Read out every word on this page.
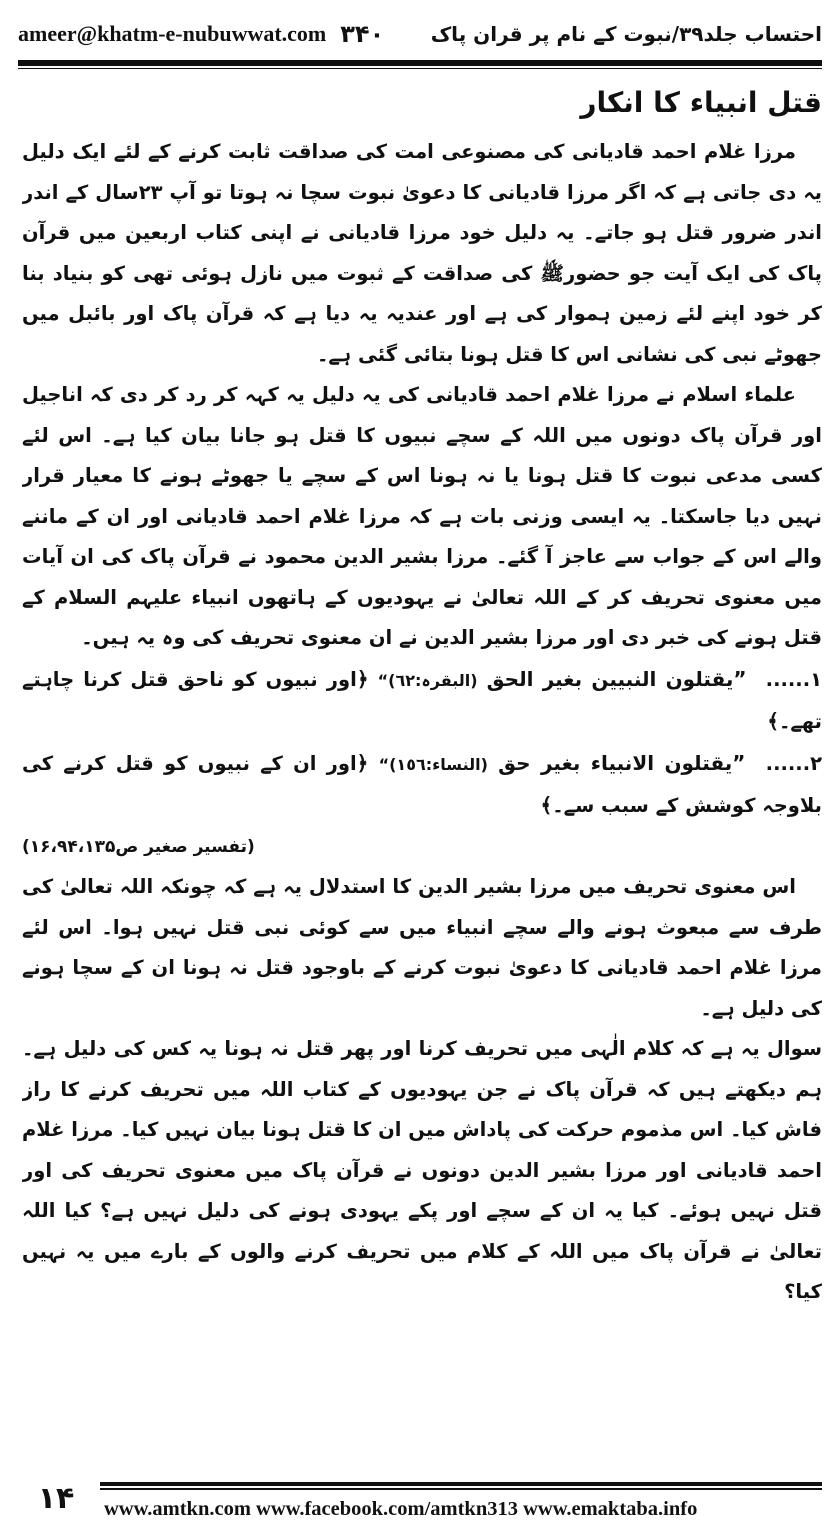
ameer@khatm-e-nubuwwat.com ۳۴۰ احتساب جلد۳۹/نبوت کے نام پر قران پاک
قتل انبیاء کا انکار

مرزا غلام احمد قادیانی کی مصنوعی امت کی صداقت ثابت کرنے کے لئے ایک دلیل یہ دی جاتی ہے کہ اگر مرزا قادیانی کا دعویٰ نبوت سچا نہ ہوتا تو آپ ۲۳سال کے اندر اندر ضرور قتل ہو جاتے۔ یہ دلیل خود مرزا قادیانی نے اپنی کتاب اربعین میں قرآن پاک کی ایک آیت جو حضورﷺ کی صداقت کے ثبوت میں نازل ہوئی تھی کو بنیاد بنا کر خود اپنے لئے زمین ہموار کی ہے اور عندیہ یہ دیا ہے کہ قرآن پاک اور بائبل میں جھوٹے نبی کی نشانی اس کا قتل ہونا بتائی گئی ہے۔

علماء اسلام نے مرزا غلام احمد قادیانی کی یہ دلیل یہ کہہ کر رد کر دی کہ اناجیل اور قرآن پاک دونوں میں اللہ کے سچے نبیوں کا قتل ہو جانا بیان کیا ہے۔ اس لئے کسی مدعی نبوت کا قتل ہونا یا نہ ہونا اس کے سچے یا جھوٹے ہونے کا معیار قرار نہیں دیا جاسکتا۔ یہ ایسی وزنی بات ہے کہ مرزا غلام احمد قادیانی اور ان کے ماننے والے اس کے جواب سے عاجز آ گئے۔ مرزا بشیر الدین محمود نے قرآن پاک کی ان آیات میں معنوی تحریف کر کے اللہ تعالیٰ نے یہودیوں کے ہاتھوں انبیاء علیہم السلام کے قتل ہونے کی خبر دی اور مرزا بشیر الدین نے ان معنوی تحریف کی وہ یہ ہیں۔

۱...... ”یقتلون النبیین بغیر الحق (البقرہ:٦٢)“ ﴿اور نبیوں کو ناحق قتل کرنا چاہتے تھے۔﴾

۲...... ”یقتلون الانبیاء بغیر حق (النساء:١٥٦)“ ﴿اور ان کے نبیوں کو قتل کرنے کی بلاوجہ کوشش کے سبب سے۔﴾

(تفسیر صغیر ص۱۶،۹۴،۱۳۵)

اس معنوی تحریف میں مرزا بشیر الدین کا استدلال یہ ہے کہ چونکہ اللہ تعالیٰ کی طرف سے مبعوث ہونے والے سچے انبیاء میں سے کوئی نبی قتل نہیں ہوا۔ اس لئے مرزا غلام احمد قادیانی کا دعویٰ نبوت کرنے کے باوجود قتل نہ ہونا ان کے سچا ہونے کی دلیل ہے۔

سوال یہ ہے کہ کلام الٰہی میں تحریف کرنا اور پھر قتل نہ ہونا یہ کس کی دلیل ہے۔ ہم دیکھتے ہیں کہ قرآن پاک نے جن یہودیوں کے کتاب اللہ میں تحریف کرنے کا راز فاش کیا۔ اس مذموم حرکت کی پاداش میں ان کا قتل ہونا بیان نہیں کیا۔ مرزا غلام احمد قادیانی اور مرزا بشیر الدین دونوں نے قرآن پاک میں معنوی تحریف کی اور قتل نہیں ہوئے۔ کیا یہ ان کے سچے اور پکے یہودی ہونے کی دلیل نہیں ہے؟ کیا اللہ تعالیٰ نے قرآن پاک میں اللہ کے کلام میں تحریف کرنے والوں کے بارے میں یہ نہیں کیا؟

۱۴	www.amtkn.com www.facebook.com/amtkn313 www.emaktaba.info
